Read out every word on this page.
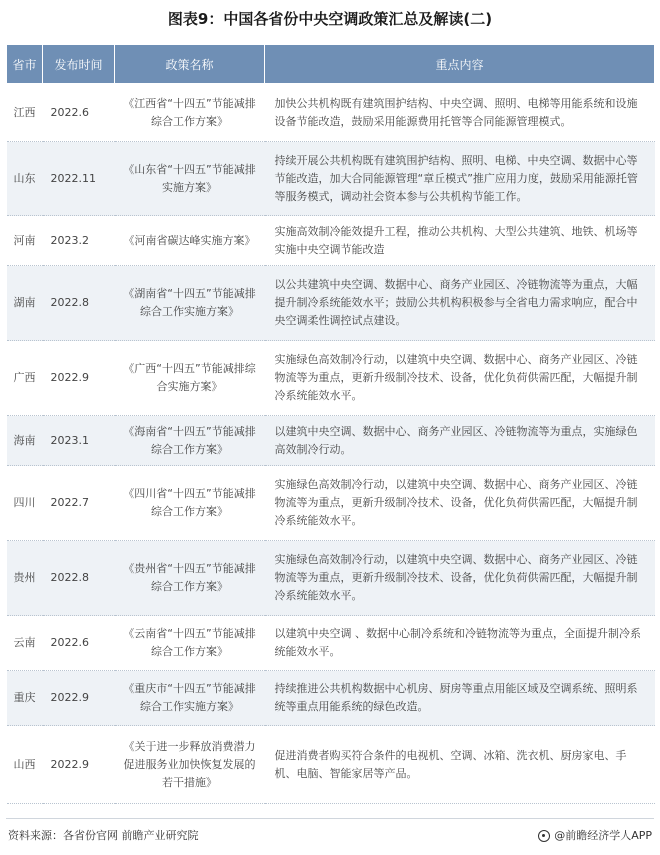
图表9：中国各省份中央空调政策汇总及解读(二)
省市	发布时间	政策名称	重点内容
江西	2022.6	《江西省“十四五”节能减排综合工作方案》	加快公共机构既有建筑围护结构、中央空调、照明、电梯等用能系统和设施设备节能改造，鼓励采用能源费用托管等合同能源管理模式。
山东	2022.11	《山东省“十四五”节能减排实施方案》	持续开展公共机构既有建筑围护结构、照明、电梯、中央空调、数据中心等节能改造，加大合同能源管理“章丘模式”推广应用力度，鼓励采用能源托管等服务模式，调动社会资本参与公共机构节能工作。
河南	2023.2	《河南省碳达峰实施方案》	实施高效制冷能效提升工程，推动公共机构、大型公共建筑、地铁、机场等实施中央空调节能改造
湖南	2022.8	《湖南省“十四五”节能减排综合工作实施方案》	以公共建筑中央空调、数据中心、商务产业园区、冷链物流等为重点，大幅提升制冷系统能效水平；鼓励公共机构积极参与全省电力需求响应，配合中央空调柔性调控试点建设。
广西	2022.9	《广西“十四五”节能减排综合实施方案》	实施绿色高效制冷行动，以建筑中央空调、数据中心、商务产业园区、冷链物流等为重点，更新升级制冷技术、设备，优化负荷供需匹配，大幅提升制冷系统能效水平。
海南	2023.1	《海南省“十四五”节能减排综合工作方案》	以建筑中央空调、数据中心、商务产业园区、冷链物流等为重点，实施绿色高效制冷行动。
四川	2022.7	《四川省“十四五”节能减排综合工作方案》	实施绿色高效制冷行动，以建筑中央空调、数据中心、商务产业园区、冷链物流等为重点，更新升级制冷技术、设备，优化负荷供需匹配，大幅提升制冷系统能效水平。
贵州	2022.8	《贵州省“十四五”节能减排综合工作方案》	实施绿色高效制冷行动，以建筑中央空调、数据中心、商务产业园区、冷链物流等为重点，更新升级制冷技术、设备，优化负荷供需匹配，大幅提升制冷系统能效水平。
云南	2022.6	《云南省“十四五”节能减排综合工作方案》	以建筑中央空调 、数据中心制冷系统和冷链物流等为重点，全面提升制冷系统能效水平。
重庆	2022.9	《重庆市“十四五”节能减排综合工作实施方案》	持续推进公共机构数据中心机房、厨房等重点用能区域及空调系统、照明系统等重点用能系统的绿色改造。
山西	2022.9	《关于进一步释放消费潜力促进服务业加快恢复发展的若干措施》	促进消费者购买符合条件的电视机、空调、冰箱、洗衣机、厨房家电、手机、电脑、智能家居等产品。
资料来源：各省份官网 前瞻产业研究院	@前瞻经济学人APP
